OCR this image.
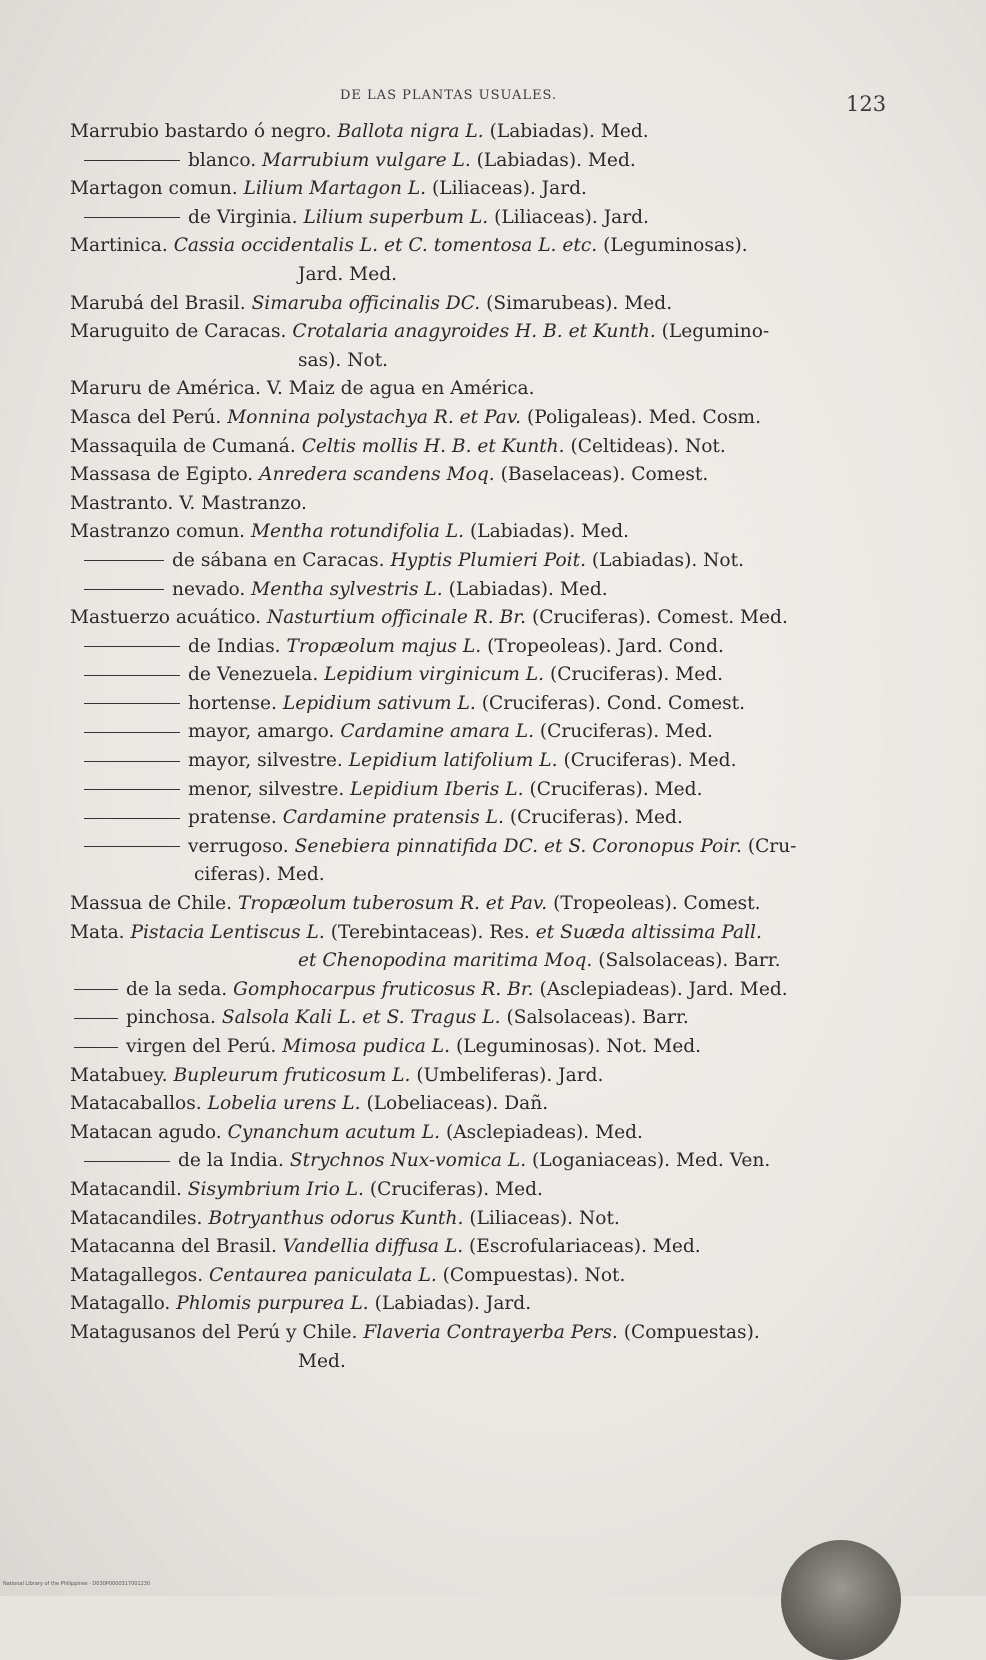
DE LAS PLANTAS USUALES.	123
Marrubio bastardo ó negro. Ballota nigra L. (Labiadas). Med.
blanco. Marrubium vulgare L. (Labiadas). Med.
Martagon comun. Lilium Martagon L. (Liliaceas). Jard.
de Virginia. Lilium superbum L. (Liliaceas). Jard.
Martinica. Cassia occidentalis L. et C. tomentosa L. etc. (Leguminosas).
Jard. Med.
Marubá del Brasil. Simaruba officinalis DC. (Simarubeas). Med.
Maruguito de Caracas. Crotalaria anagyroides H. B. et Kunth. (Legumino-
sas). Not.
Maruru de América. V. Maiz de agua en América.
Masca del Perú. Monnina polystachya R. et Pav. (Poligaleas). Med. Cosm.
Massaquila de Cumaná. Celtis mollis H. B. et Kunth. (Celtideas). Not.
Massasa de Egipto. Anredera scandens Moq. (Baselaceas). Comest.
Mastranto. V. Mastranzo.
Mastranzo comun. Mentha rotundifolia L. (Labiadas). Med.
de sábana en Caracas. Hyptis Plumieri Poit. (Labiadas). Not.
nevado. Mentha sylvestris L. (Labiadas). Med.
Mastuerzo acuático. Nasturtium officinale R. Br. (Cruciferas). Comest. Med.
de Indias. Tropæolum majus L. (Tropeoleas). Jard. Cond.
de Venezuela. Lepidium virginicum L. (Cruciferas). Med.
hortense. Lepidium sativum L. (Cruciferas). Cond. Comest.
mayor, amargo. Cardamine amara L. (Cruciferas). Med.
mayor, silvestre. Lepidium latifolium L. (Cruciferas). Med.
menor, silvestre. Lepidium Iberis L. (Cruciferas). Med.
pratense. Cardamine pratensis L. (Cruciferas). Med.
verrugoso. Senebiera pinnatifida DC. et S. Coronopus Poir. (Cru-
ciferas). Med.
Massua de Chile. Tropæolum tuberosum R. et Pav. (Tropeoleas). Comest.
Mata. Pistacia Lentiscus L. (Terebintaceas). Res. et Suæda altissima Pall.
et Chenopodina maritima Moq. (Salsolaceas). Barr.
de la seda. Gomphocarpus fruticosus R. Br. (Asclepiadeas). Jard. Med.
pinchosa. Salsola Kali L. et S. Tragus L. (Salsolaceas). Barr.
virgen del Perú. Mimosa pudica L. (Leguminosas). Not. Med.
Matabuey. Bupleurum fruticosum L. (Umbeliferas). Jard.
Matacaballos. Lobelia urens L. (Lobeliaceas). Dañ.
Matacan agudo. Cynanchum acutum L. (Asclepiadeas). Med.
de la India. Strychnos Nux-vomica L. (Loganiaceas). Med. Ven.
Matacandil. Sisymbrium Irio L. (Cruciferas). Med.
Matacandiles. Botryanthus odorus Kunth. (Liliaceas). Not.
Matacanna del Brasil. Vandellia diffusa L. (Escrofulariaceas). Med.
Matagallegos. Centaurea paniculata L. (Compuestas). Not.
Matagallo. Phlomis purpurea L. (Labiadas). Jard.
Matagusanos del Perú y Chile. Flaveria Contrayerba Pers. (Compuestas).
Med.
National Library of the Philippines · D030P0000317001230
